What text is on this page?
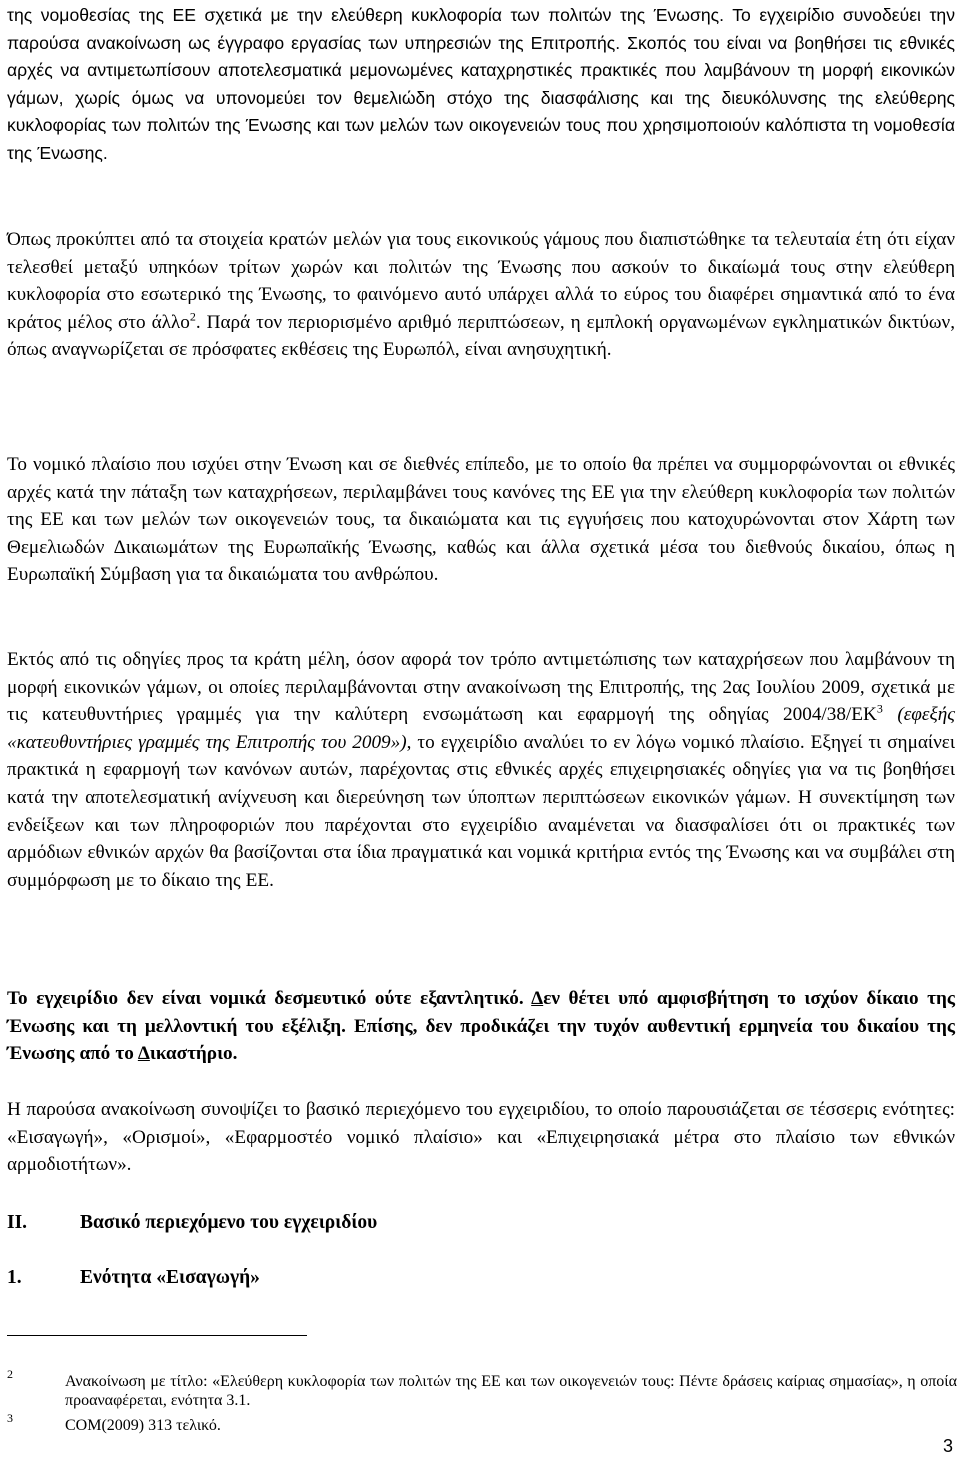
της νομοθεσίας της ΕΕ σχετικά με την ελεύθερη κυκλοφορία των πολιτών της Ένωσης. Το εγχειρίδιο συνοδεύει την παρούσα ανακοίνωση ως έγγραφο εργασίας των υπηρεσιών της Επιτροπής. Σκοπός του είναι να βοηθήσει τις εθνικές αρχές να αντιμετωπίσουν αποτελεσματικά μεμονωμένες καταχρηστικές πρακτικές που λαμβάνουν τη μορφή εικονικών γάμων, χωρίς όμως να υπονομεύει τον θεμελιώδη στόχο της διασφάλισης και της διευκόλυνσης της ελεύθερης κυκλοφορίας των πολιτών της Ένωσης και των μελών των οικογενειών τους που χρησιμοποιούν καλόπιστα τη νομοθεσία της Ένωσης.

Όπως προκύπτει από τα στοιχεία κρατών μελών για τους εικονικούς γάμους που διαπιστώθηκε τα τελευταία έτη ότι είχαν τελεσθεί μεταξύ υπηκόων τρίτων χωρών και πολιτών της Ένωσης που ασκούν το δικαίωμά τους στην ελεύθερη κυκλοφορία στο εσωτερικό της Ένωσης, το φαινόμενο αυτό υπάρχει αλλά το εύρος του διαφέρει σημαντικά από το ένα κράτος μέλος στο άλλο$^2$. Παρά τον περιορισμένο αριθμό περιπτώσεων, η εμπλοκή οργανωμένων εγκληματικών δικτύων, όπως αναγνωρίζεται σε πρόσφατες εκθέσεις της Ευρωπόλ, είναι ανησυχητική.

Το νομικό πλαίσιο που ισχύει στην Ένωση και σε διεθνές επίπεδο, με το οποίο θα πρέπει να συμμορφώνονται οι εθνικές αρχές κατά την πάταξη των καταχρήσεων, περιλαμβάνει τους κανόνες της ΕΕ για την ελεύθερη κυκλοφορία των πολιτών της ΕΕ και των μελών των οικογενειών τους, τα δικαιώματα και τις εγγυήσεις που κατοχυρώνονται στον Χάρτη των Θεμελιωδών Δικαιωμάτων της Ευρωπαϊκής Ένωσης, καθώς και άλλα σχετικά μέσα του διεθνούς δικαίου, όπως η Ευρωπαϊκή Σύμβαση για τα δικαιώματα του ανθρώπου.

Εκτός από τις οδηγίες προς τα κράτη μέλη, όσον αφορά τον τρόπο αντιμετώπισης των καταχρήσεων που λαμβάνουν τη μορφή εικονικών γάμων, οι οποίες περιλαμβάνονται στην ανακοίνωση της Επιτροπής, της 2ας Ιουλίου 2009, σχετικά με τις κατευθυντήριες γραμμές για την καλύτερη ενσωμάτωση και εφαρμογή της οδηγίας $2004/38/EK^3$ (εφεξής «κατευθυντήριες γραμμές της Επιτροπής του 2009»), το εγχειρίδιο αναλύει το εν λόγω νομικό πλαίσιο. Εξηγεί τι σημαίνει πρακτικά η εφαρμογή των κανόνων αυτών, παρέχοντας στις εθνικές αρχές επιχειρησιακές οδηγίες για να τις βοηθήσει κατά την αποτελεσματική ανίχνευση και διερεύνηση των ύποπτων περιπτώσεων εικονικών γάμων. Η συνεκτίμηση των ενδείξεων και των πληροφοριών που παρέχονται στο εγχειρίδιο αναμένεται να διασφαλίσει ότι οι πρακτικές των αρμόδιων εθνικών αρχών θα βασίζονται στα ίδια πραγματικά και νομικά κριτήρια εντός της Ένωσης και να συμβάλει στη συμμόρφωση με το δίκαιο της ΕΕ.

Το εγχειρίδιο δεν είναι νομικά δεσμευτικό ούτε εξαντλητικό. Δεν θέτει υπό αμφισβήτηση το ισχύον δίκαιο της Ένωσης και τη μελλοντική του εξέλιξη. Επίσης, δεν προδικάζει την τυχόν αυθεντική ερμηνεία του δικαίου της Ένωσης από το Δικαστήριο.

Η παρούσα ανακοίνωση συνοψίζει το βασικό περιεχόμενο του εγχειριδίου, το οποίο παρουσιάζεται σε τέσσερις ενότητες: «Εισαγωγή», «Ορισμοί», «Εφαρμοστέο νομικό πλαίσιο» και «Επιχειρησιακά μέτρα στο πλαίσιο των εθνικών αρμοδιοτήτων».

II.	Βασικό περιεχόμενο του εγχειριδίου
1.	Ενότητα «Εισαγωγή»
2	Ανακοίνωση με τίτλο: «Ελεύθερη κυκλοφορία των πολιτών της ΕΕ και των οικογενειών τους: Πέντε δράσεις καίριας σημασίας», η οποία προαναφέρεται, ενότητα 3.1.
3	COM(2009) 313 τελικό.
3
